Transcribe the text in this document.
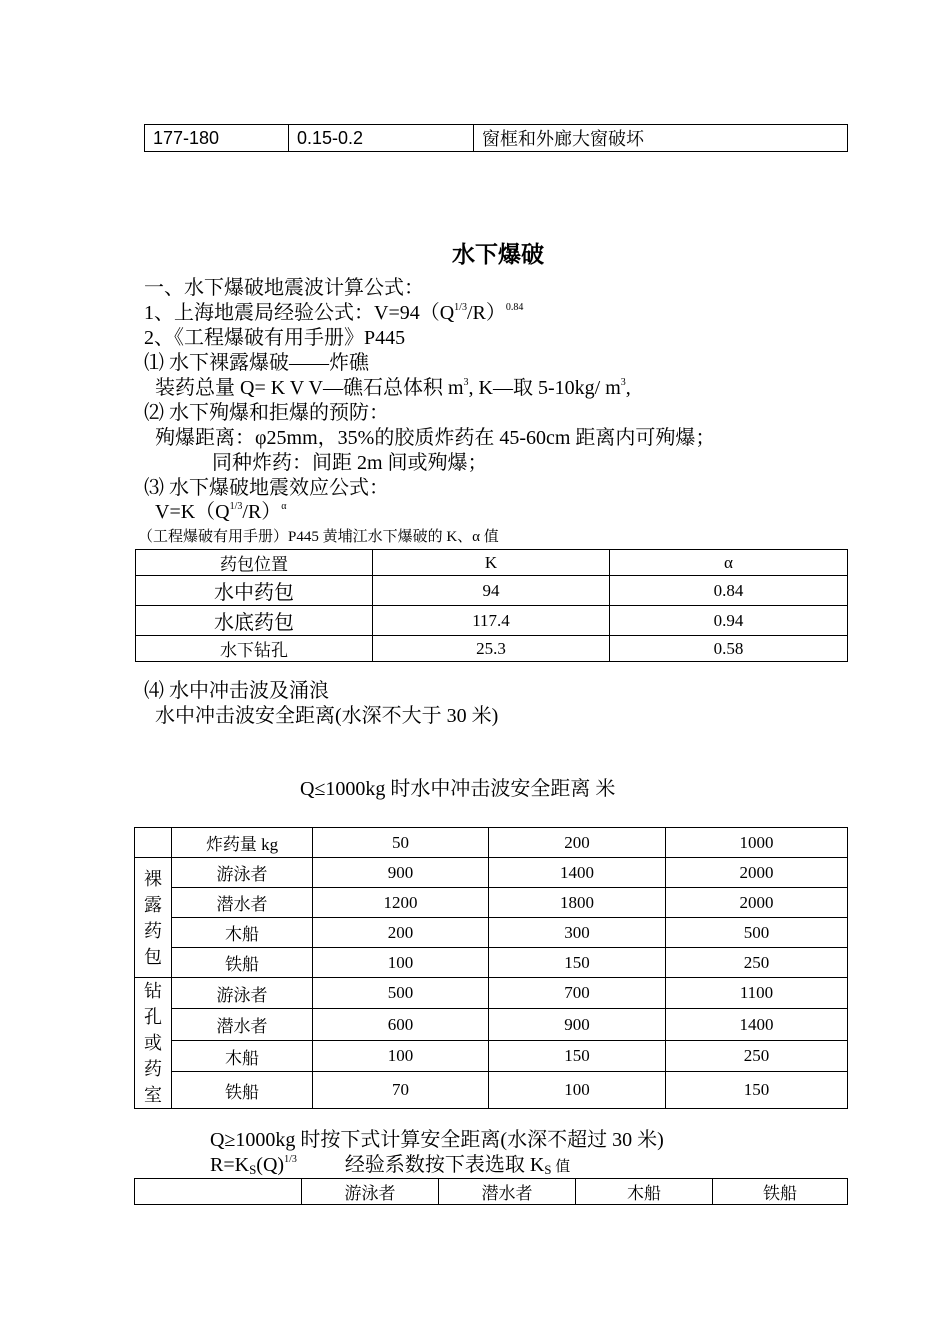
177-180	0.15-0.2	窗框和外廊大窗破坏
水下爆破
一、水下爆破地震波计算公式：
1、上海地震局经验公式：$V=94(Q^{1/3}/R)^{0.84}$
2、《工程爆破有用手册》P445
⑴ 水下裸露爆破——炸礁
装药总量 Q= K V V—礁石总体积 $m^3$, K—取 5-10kg/ $m^3$,
⑵ 水下殉爆和拒爆的预防：
殉爆距离：φ25mm，35%的胶质炸药在 45-60cm 距离内可殉爆；
同种炸药：间距 2m 间或殉爆；
⑶ 水下爆破地震效应公式：
$V=K(Q^{1/3}/R)^\alpha$
（工程爆破有用手册）P445 黄埔江水下爆破的 K、α 值
药包位置	K	α
水中药包	94	0.84
水底药包	117.4	0.94
水下钻孔	25.3	0.58
⑷ 水中冲击波及涌浪
水中冲击波安全距离(水深不大于 30 米)
Q≤1000kg 时水中冲击波安全距离 米
	炸药量 kg	50	200	1000

裸
露
药
包	游泳者	900	1400	2000
	潜水者	1200	1800	2000
	木船	200	300	500
	铁船	100	150	250

钻
孔
或
药
室	游泳者	500	700	1100
	潜水者	600	900	1400
	木船	100	150	250
	铁船	70	100	150
Q≥1000kg 时按下式计算安全距离(水深不超过 30 米)
$R=K_S(Q)^{1/3}$ 经验系数按下表选取 $K_S$ 值
	游泳者	潜水者	木船	铁船
